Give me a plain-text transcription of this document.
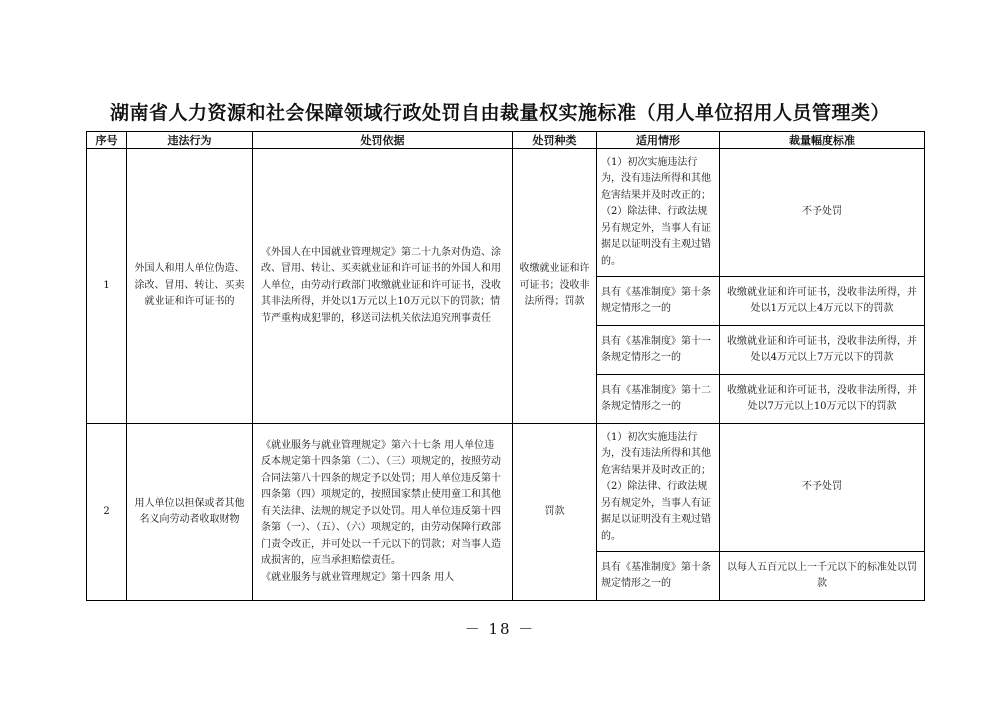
湖南省人力资源和社会保障领域行政处罚自由裁量权实施标准（用人单位招用人员管理类）
序号	违法行为	处罚依据	处罚种类	适用情形	裁量幅度标准
1	外国人和用人单位伪造、涂改、冒用、转让、买卖就业证和许可证书的	《外国人在中国就业管理规定》第二十九条对伪造、涂改、冒用、转让、买卖就业证和许可证书的外国人和用人单位，由劳动行政部门收缴就业证和许可证书，没收其非法所得，并处以1万元以上10万元以下的罚款；情节严重构成犯罪的，移送司法机关依法追究刑事责任	收缴就业证和许可证书；没收非法所得；罚款	（1）初次实施违法行为，没有违法所得和其他危害结果并及时改正的；
（2）除法律、行政法规另有规定外，当事人有证据足以证明没有主观过错的。	不予处罚
				具有《基准制度》第十条规定情形之一的	收缴就业证和许可证书，没收非法所得，并处以1万元以上4万元以下的罚款
				具有《基准制度》第十一条规定情形之一的	收缴就业证和许可证书，没收非法所得，并处以4万元以上7万元以下的罚款
				具有《基准制度》第十二条规定情形之一的	收缴就业证和许可证书，没收非法所得，并处以7万元以上10万元以下的罚款
2	用人单位以担保或者其他名义向劳动者收取财物	《就业服务与就业管理规定》第六十七条 用人单位违反本规定第十四条第（二）、（三）项规定的，按照劳动合同法第八十四条的规定予以处罚；用人单位违反第十四条第（四）项规定的，按照国家禁止使用童工和其他有关法律、法规的规定予以处罚。用人单位违反第十四条第（一）、（五）、（六）项规定的，由劳动保障行政部门责令改正，并可处以一千元以下的罚款；对当事人造成损害的，应当承担赔偿责任。
《就业服务与就业管理规定》第十四条 用人	罚款	（1）初次实施违法行为，没有违法所得和其他危害结果并及时改正的；
（2）除法律、行政法规另有规定外，当事人有证据足以证明没有主观过错的。	不予处罚
				具有《基准制度》第十条规定情形之一的	以每人五百元以上一千元以下的标准处以罚款
－ 18 －
